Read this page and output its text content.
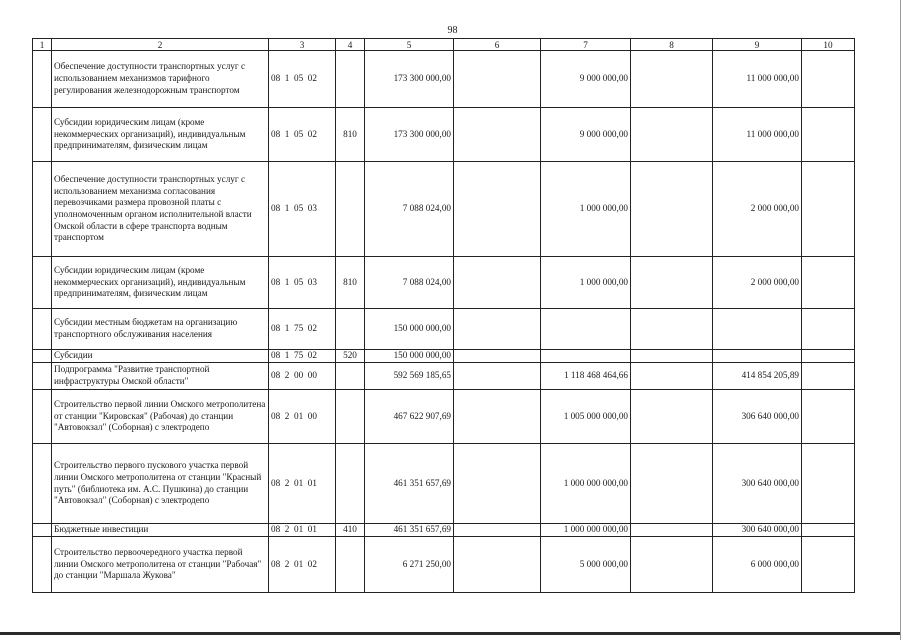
98
1	2	3	4	5	6	7	8	9	10
	Обеспечение доступности транспортных услуг с использованием механизмов тарифного регулирования железнодорожным транспортом	08  1  05  02		173 300 000,00		9 000 000,00		11 000 000,00	
	Субсидии юридическим лицам (кроме некоммерческих организаций), индивидуальным предпринимателям, физическим лицам	08  1  05  02	810	173 300 000,00		9 000 000,00		11 000 000,00	
	Обеспечение доступности транспортных услуг с использованием механизма согласования перевозчиками размера провозной платы с уполномоченным органом исполнительной власти Омской области в сфере транспорта водным транспортом	08  1  05  03		7 088 024,00		1 000 000,00		2 000 000,00	
	Субсидии юридическим лицам (кроме некоммерческих организаций), индивидуальным предпринимателям, физическим лицам	08  1  05  03	810	7 088 024,00		1 000 000,00		2 000 000,00	
	Субсидии местным бюджетам на организацию транспортного обслуживания населения	08  1  75  02		150 000 000,00					
	Субсидии	08  1  75  02	520	150 000 000,00					
	Подпрограмма "Развитие транспортной инфраструктуры Омской области"	08  2  00  00		592 569 185,65		1 118 468 464,66		414 854 205,89	
	Строительство первой линии Омского метрополитена от станции "Кировская" (Рабочая) до станции "Автовокзал" (Соборная) с электродепо	08  2  01  00		467 622 907,69		1 005 000 000,00		306 640 000,00	
	Строительство первого пускового участка первой линии Омского метрополитена от станции "Красный путь" (библиотека им. А.С. Пушкина) до станции "Автовокзал" (Соборная) с электродепо	08  2  01  01		461 351 657,69		1 000 000 000,00		300 640 000,00	
	Бюджетные инвестиции	08  2  01  01	410	461 351 657,69		1 000 000 000,00		300 640 000,00	
	Строительство первоочередного участка первой линии Омского метрополитена от станции "Рабочая" до станции "Маршала Жукова"	08  2  01  02		6 271 250,00		5 000 000,00		6 000 000,00	
